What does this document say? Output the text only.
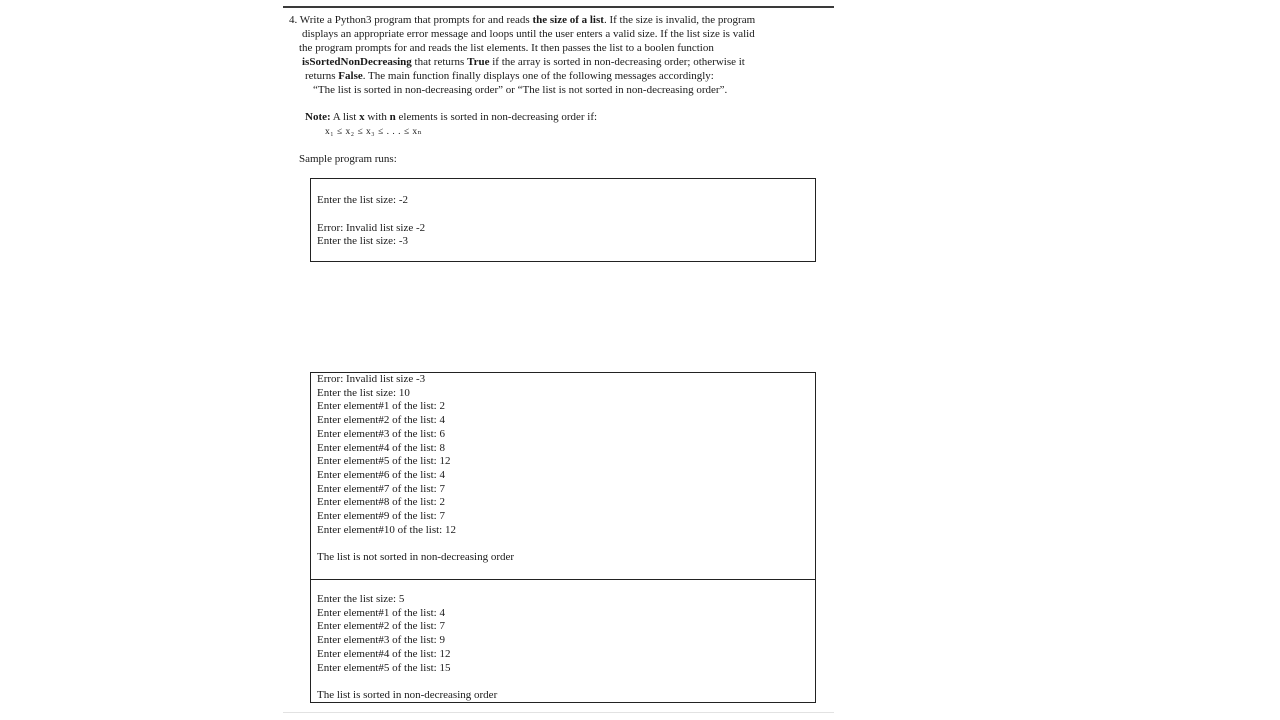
4. Write a Python3 program that prompts for and reads the size of a list. If the size is invalid, the program
displays an appropriate error message and loops until the user enters a valid size. If the list size is valid
the program prompts for and reads the list elements. It then passes the list to a boolen function
isSortedNonDecreasing that returns True if the array is sorted in non-decreasing order; otherwise it
returns False. The main function finally displays one of the following messages accordingly:
“The list is sorted in non-decreasing order” or “The list is not sorted in non-decreasing order”.
Note: A list x with n elements is sorted in non-decreasing order if:
x₁ ≤ x₂ ≤ x₃ ≤ . . . ≤ xₙ
Sample program runs:
Enter the list size: -2
Error: Invalid list size -2
Enter the list size: -3
Error: Invalid list size -3
Enter the list size: 10
Enter element#1 of the list: 2
Enter element#2 of the list: 4
Enter element#3 of the list: 6
Enter element#4 of the list: 8
Enter element#5 of the list: 12
Enter element#6 of the list: 4
Enter element#7 of the list: 7
Enter element#8 of the list: 2
Enter element#9 of the list: 7
Enter element#10 of the list: 12
The list is not sorted in non-decreasing order
Enter the list size: 5
Enter element#1 of the list: 4
Enter element#2 of the list: 7
Enter element#3 of the list: 9
Enter element#4 of the list: 12
Enter element#5 of the list: 15
The list is sorted in non-decreasing order
